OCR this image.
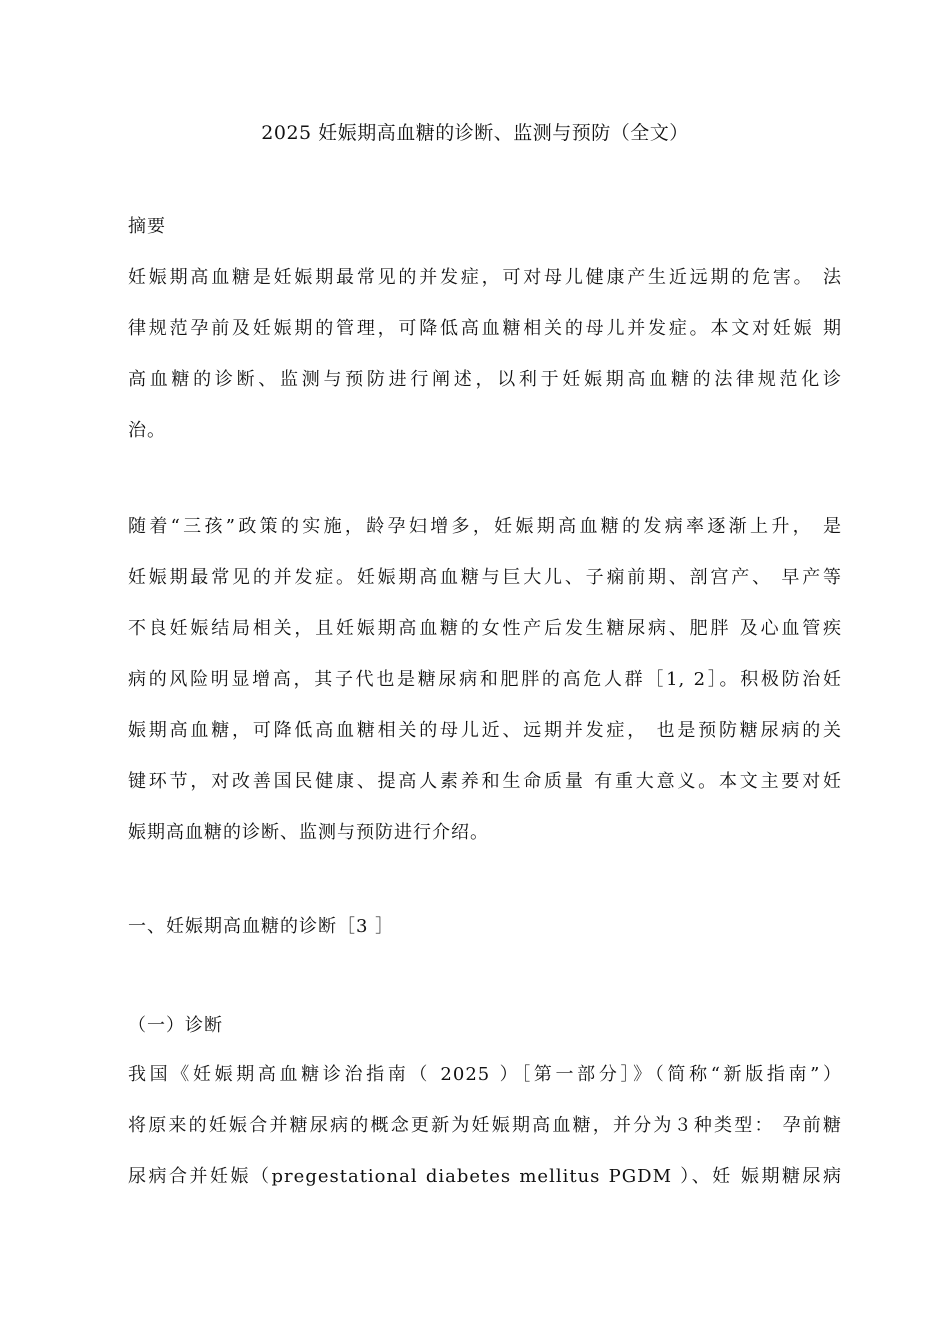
2025 妊娠期高血糖的诊断、监测与预防（全文）
摘要
妊娠期高血糖是妊娠期最常见的并发症，可对母儿健康产生近远期的危害。 法
律规范孕前及妊娠期的管理，可降低高血糖相关的母儿并发症。本文对妊娠 期
高血糖的诊断、监测与预防进行阐述，以利于妊娠期高血糖的法律规范化诊
治。
随着“三孩”政策的实施，龄孕妇增多，妊娠期高血糖的发病率逐渐上升， 是
妊娠期最常见的并发症。妊娠期高血糖与巨大儿、子痫前期、剖宫产、 早产等
不良妊娠结局相关，且妊娠期高血糖的女性产后发生糖尿病、肥胖 及心血管疾
病的风险明显增高，其子代也是糖尿病和肥胖的高危人群［1, 2］。积极防治妊
娠期高血糖，可降低高血糖相关的母儿近、远期并发症， 也是预防糖尿病的关
键环节，对改善国民健康、提高人素养和生命质量 有重大意义。本文主要对妊
娠期高血糖的诊断、监测与预防进行介绍。
一、妊娠期高血糖的诊断［3 ］
（一）诊断
我国《妊娠期高血糖诊治指南（ 2025 ）［第一部分］》（简称“新版指南”）
将原来的妊娠合并糖尿病的概念更新为妊娠期高血糖，并分为３种类型： 孕前糖
尿病合并妊娠（pregestational diabetes mellitus PGDM ）、妊 娠期糖尿病
